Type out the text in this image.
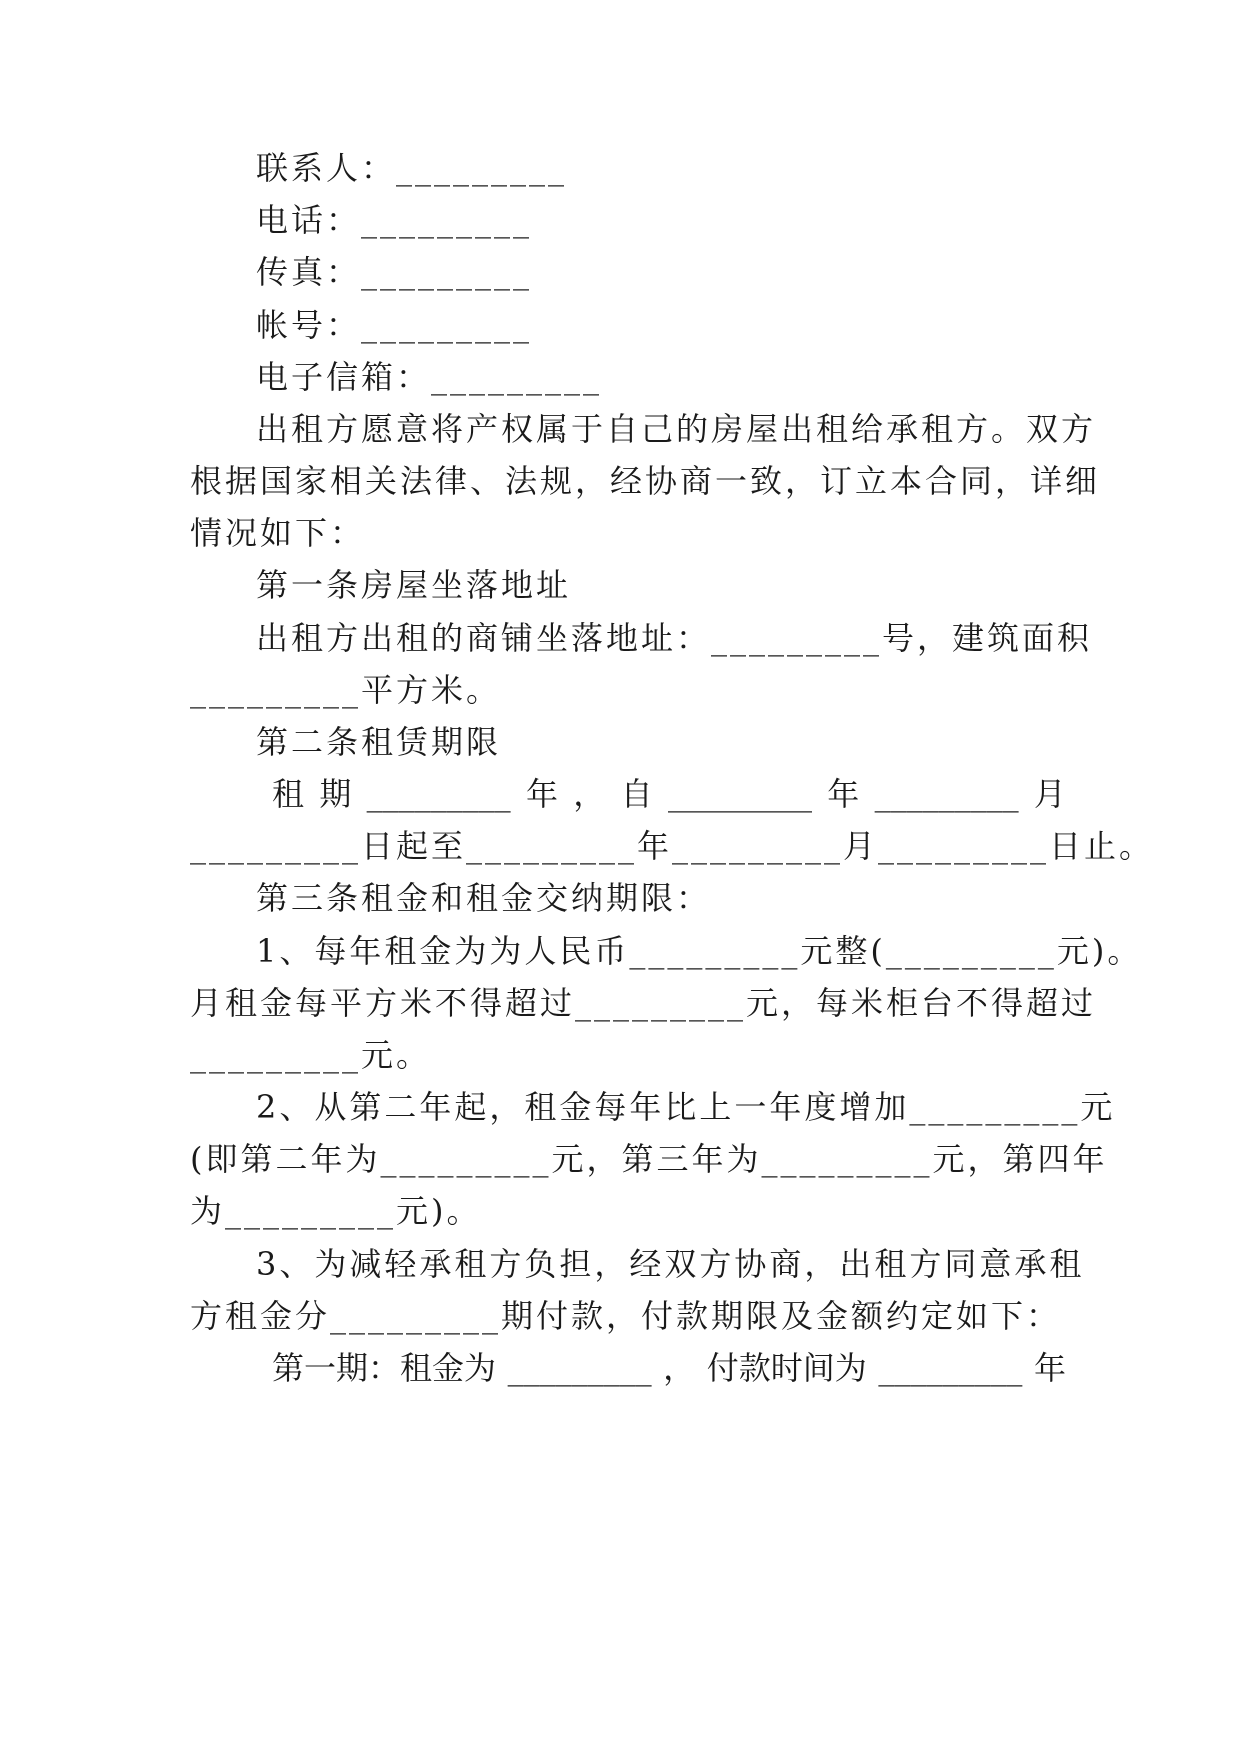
联系人：_________
电话：_________
传真：_________
帐号：_________
电子信箱：_________
出租方愿意将产权属于自己的房屋出租给承租方。双方
根据国家相关法律、法规，经协商一致，订立本合同，详细
情况如下：
第一条房屋坐落地址
出租方出租的商铺坐落地址：_________号，建筑面积
_________平方米。
第二条租赁期限
租 期 _________ 年 ， 自 _________ 年 _________ 月
_________日起至_________年_________月_________日止。
第三条租金和租金交纳期限：
1、每年租金为为人民币_________元整(_________元)。
月租金每平方米不得超过_________元，每米柜台不得超过
_________元。
2、从第二年起，租金每年比上一年度增加_________元
(即第二年为_________元，第三年为_________元，第四年
为_________元)。
3、为减轻承租方负担，经双方协商，出租方同意承租
方租金分_________期付款，付款期限及金额约定如下：
第一期：租金为 _________ ， 付款时间为 _________ 年
